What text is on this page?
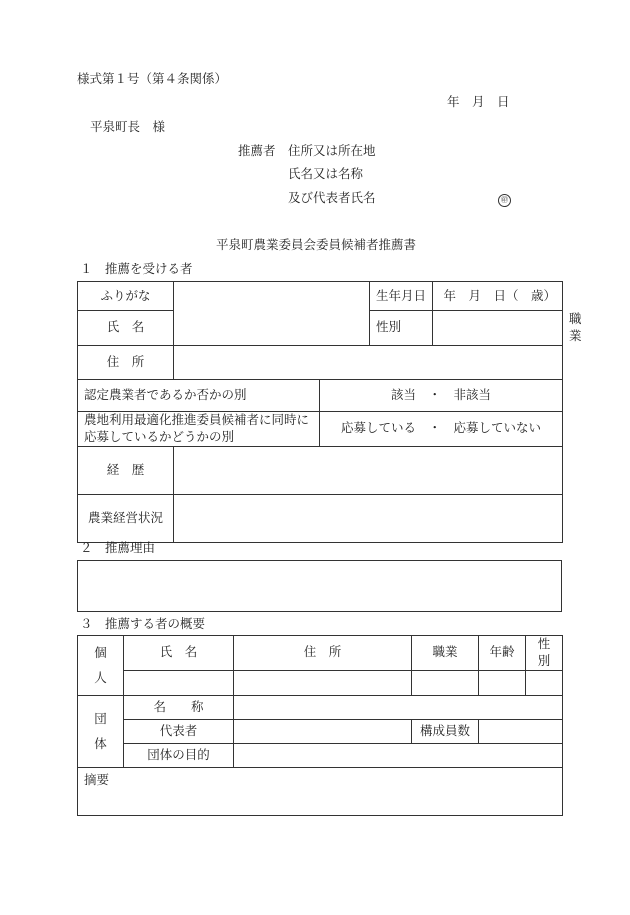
様式第１号（第４条関係）
年　月　日
平泉町長　様
推薦者 住所又は所在地
氏名又は名称
及び代表者氏名	㊞
平泉町農業委員会委員候補者推薦書
１　推薦を受ける者
ふりがな			生年月日	年　月　日（　歳）	
氏　名			性別		職業	
住　所					
認定農業者であるか否かの別		該当　・　非該当			
農地利用最適化推進委員候補者に同時に応募しているかどうかの別		応募している　・　応募していない			
経　歴					
農業経営状況					
２　推薦理由
３　推薦する者の概要
個人	氏　名	住　所	職業	年齢	性別

団体	名　　称				
	代表者		構成員数		
	団体の目的				
摘要					
